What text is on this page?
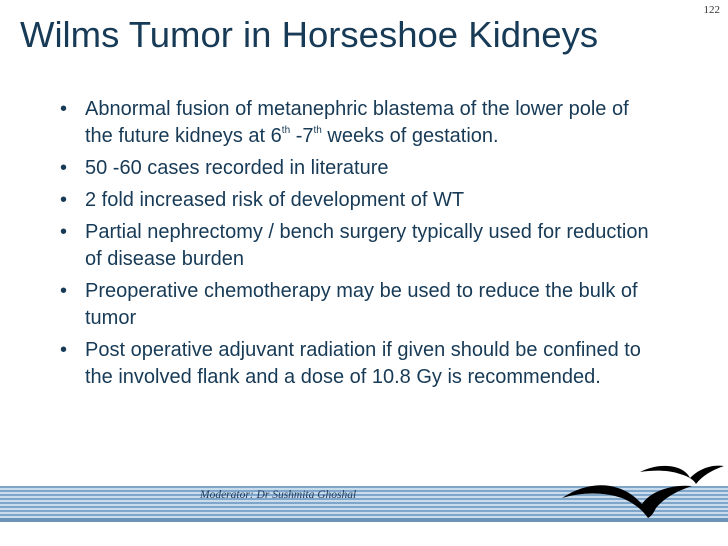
122
Wilms Tumor in Horseshoe Kidneys
• Abnormal fusion of metanephric blastema of the lower pole of the future kidneys at 6th -7th weeks of gestation.
• 50 -60 cases recorded in literature
• 2 fold increased risk of development of WT
• Partial nephrectomy / bench surgery typically used for reduction of disease burden
• Preoperative chemotherapy may be used to reduce the bulk of tumor
• Post operative adjuvant radiation if given should be confined to the involved flank and a dose of 10.8 Gy is recommended.
Moderator: Dr Sushmita Ghoshal
